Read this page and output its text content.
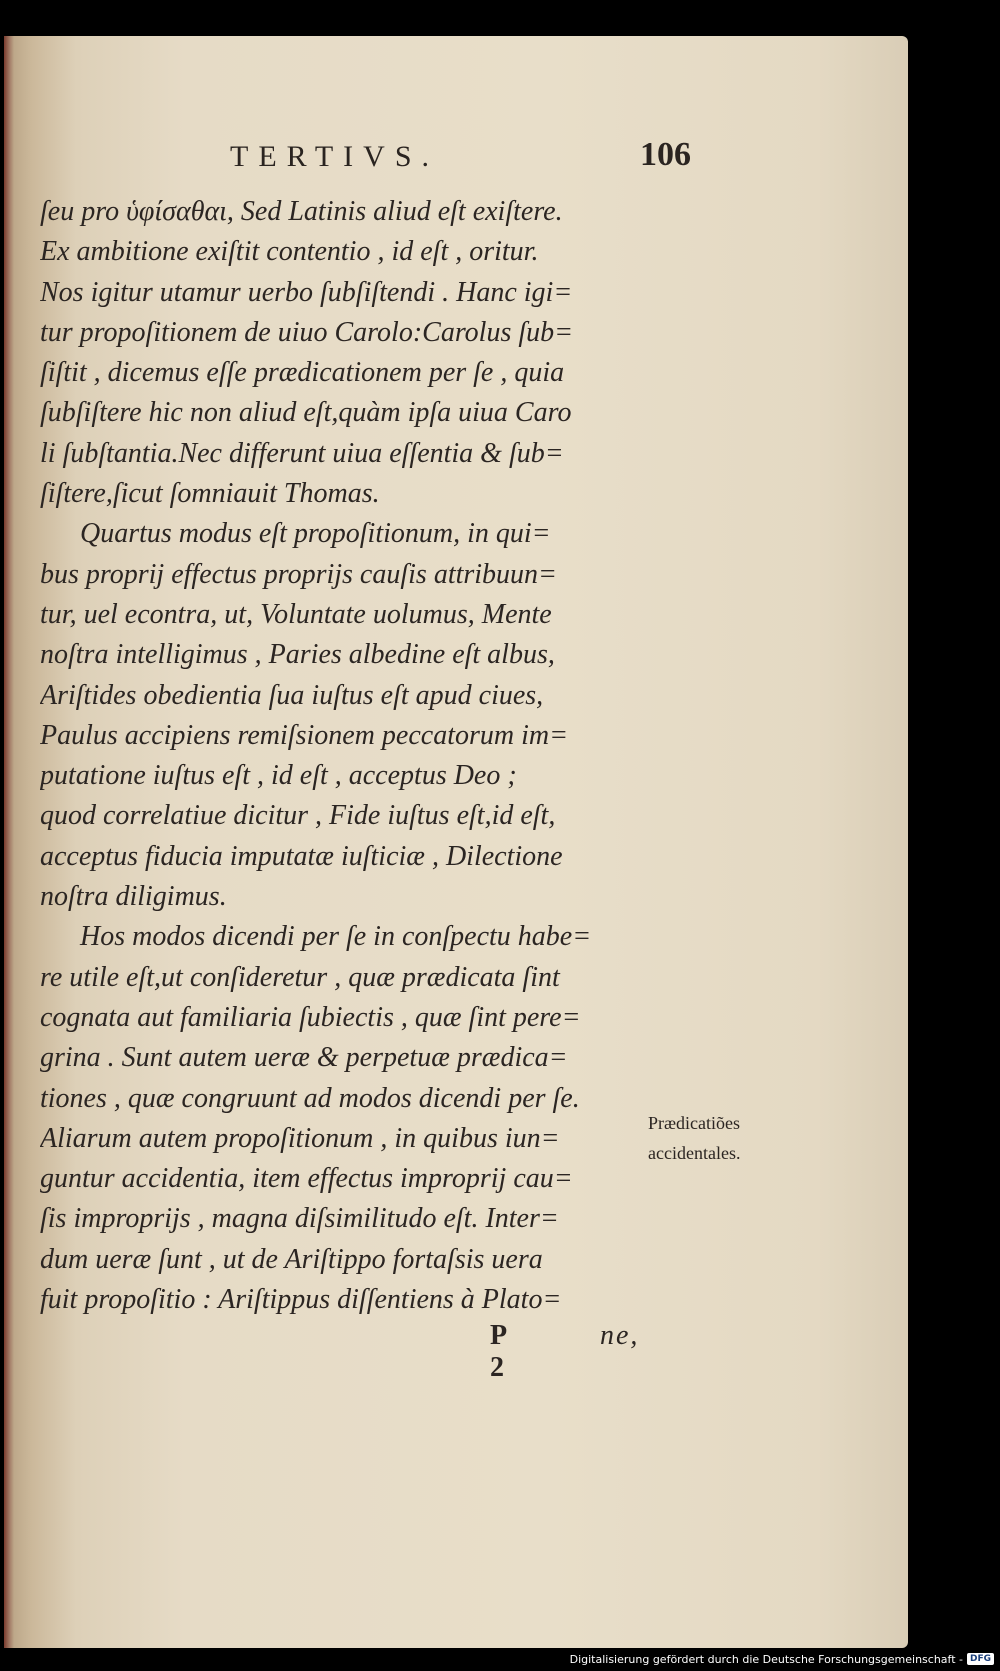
TERTIVS.	106
ſeu pro ὑφίσαθαι, Sed Latinis aliud eſt exiſtere.
Ex ambitione exiſtit contentio , id eſt , oritur.
Nos igitur utamur uerbo ſubſiſtendi . Hanc igi=
tur propoſitionem de uiuo Carolo:Carolus ſub=
ſiſtit , dicemus eſſe prædicationem per ſe , quia
ſubſiſtere hic non aliud eſt,quàm ipſa uiua Caro
li ſubſtantia.Nec differunt uiua eſſentia & ſub=
ſiſtere,ſicut ſomniauit Thomas.
Quartus modus eſt propoſitionum, in qui=
bus proprij effectus proprijs cauſis attribuun=
tur, uel econtra, ut, Voluntate uolumus, Mente
noſtra intelligimus , Paries albedine eſt albus,
Ariſtides obedientia ſua iuſtus eſt apud ciues,
Paulus accipiens remiſsionem peccatorum im=
putatione iuſtus eſt , id eſt , acceptus Deo ;
quod correlatiue dicitur , Fide iuſtus eſt,id eſt,
acceptus fiducia imputatæ iuſticiæ , Dilectione
noſtra diligimus.
Hos modos dicendi per ſe in conſpectu habe=
re utile eſt,ut conſideretur , quæ prædicata ſint
cognata aut familiaria ſubiectis , quæ ſint pere=
grina . Sunt autem ueræ & perpetuæ prædica=
tiones , quæ congruunt ad modos dicendi per ſe.
Aliarum autem propoſitionum , in quibus iun=
guntur accidentia, item effectus improprij cau=
ſis improprijs , magna diſsimilitudo eſt. Inter=
dum ueræ ſunt , ut de Ariſtippo fortaſsis uera
fuit propoſitio : Ariſtippus diſſentiens à Plato=
Prædicatiões
accidentales.
P 2
ne,
Digitalisierung gefördert durch die Deutsche Forschungsgemeinschaft - DFG
